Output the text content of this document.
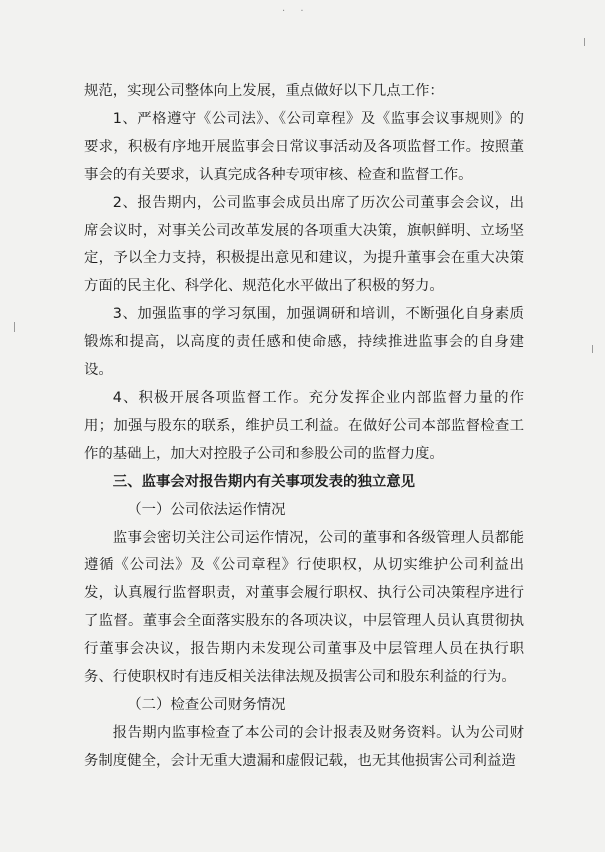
· ·

规范，实现公司整体向上发展，重点做好以下几点工作：

1、严格遵守《公司法》、《公司章程》及《监事会议事规则》的要求，积极有序地开展监事会日常议事活动及各项监督工作。按照董事会的有关要求，认真完成各种专项审核、检查和监督工作。

2、报告期内，公司监事会成员出席了历次公司董事会会议，出席会议时，对事关公司改革发展的各项重大决策，旗帜鲜明、立场坚定，予以全力支持，积极提出意见和建议，为提升董事会在重大决策方面的民主化、科学化、规范化水平做出了积极的努力。

3、加强监事的学习氛围，加强调研和培训，不断强化自身素质锻炼和提高，以高度的责任感和使命感，持续推进监事会的自身建设。

4、积极开展各项监督工作。充分发挥企业内部监督力量的作用；加强与股东的联系，维护员工利益。在做好公司本部监督检查工作的基础上，加大对控股子公司和参股公司的监督力度。

三、监事会对报告期内有关事项发表的独立意见

（一）公司依法运作情况

监事会密切关注公司运作情况，公司的董事和各级管理人员都能遵循《公司法》及《公司章程》行使职权，从切实维护公司利益出发，认真履行监督职责，对董事会履行职权、执行公司决策程序进行了监督。董事会全面落实股东的各项决议，中层管理人员认真贯彻执行董事会决议，报告期内未发现公司董事及中层管理人员在执行职务、行使职权时有违反相关法律法规及损害公司和股东利益的行为。

（二）检查公司财务情况

报告期内监事检查了本公司的会计报表及财务资料。认为公司财务制度健全，会计无重大遗漏和虚假记载，也无其他损害公司利益造
